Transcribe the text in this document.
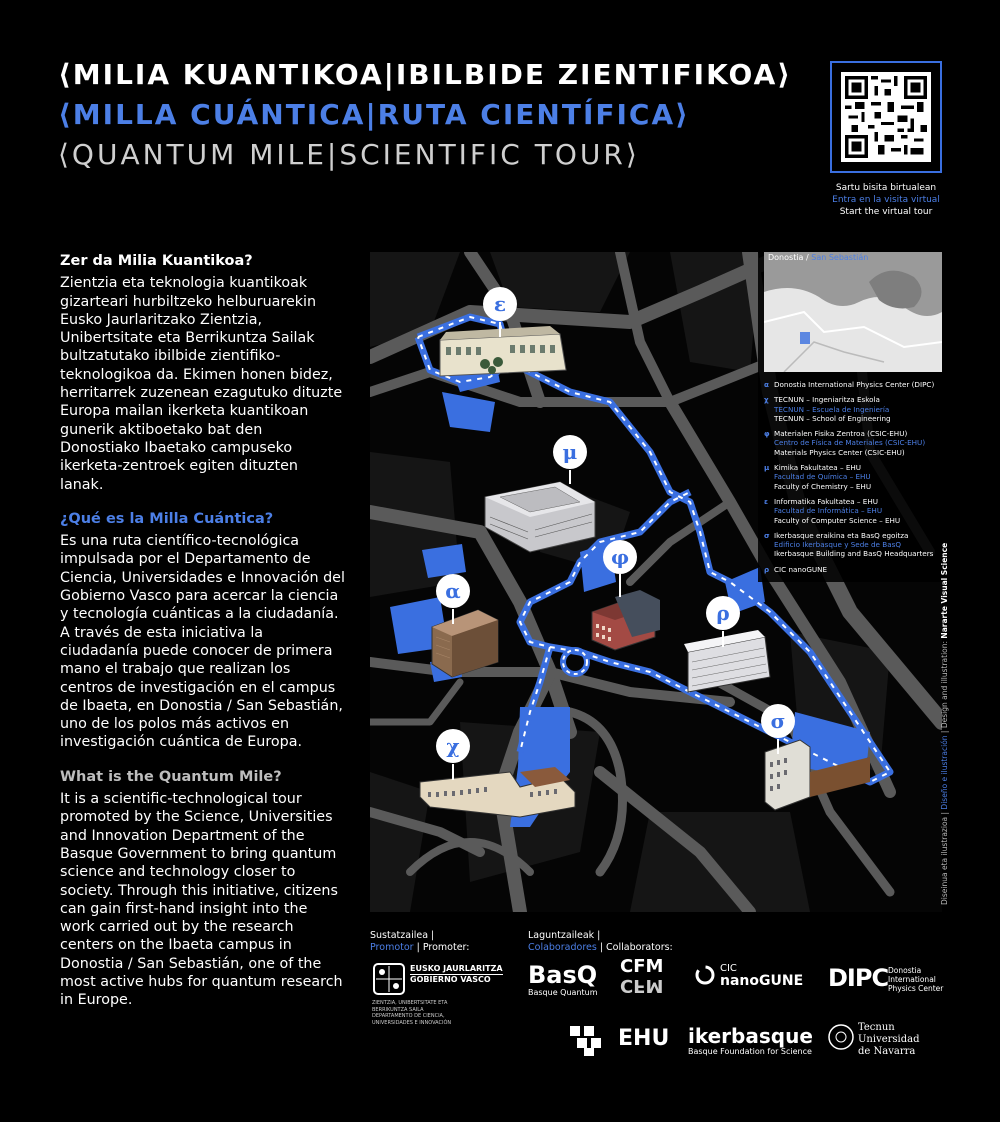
⟨MILIA KUANTIKOA|IBILBIDE ZIENTIFIKOA⟩
⟨MILLA CUÁNTICA|RUTA CIENTÍFICA⟩
⟨QUANTUM MILE|SCIENTIFIC TOUR⟩
Sartu bisita birtualean
Entra en la visita virtual
Start the virtual tour
Zer da Milia Kuantikoa?

Zientzia eta teknologia kuantikoak gizarteari hurbiltzeko helburuarekin Eusko Jaurlaritzako Zientzia, Unibertsitate eta Berrikuntza Sailak bultzatutako ibilbide zientifiko-teknologikoa da. Ekimen honen bidez, herritarrek zuzenean ezagutuko dituzte Europa mailan ikerketa kuantikoan gunerik aktiboetako bat den Donostiako Ibaetako campuseko ikerketa-zentroek egiten dituzten lanak.

¿Qué es la Milla Cuántica?

Es una ruta científico-tecnológica impulsada por el Departamento de Ciencia, Universidades e Innovación del Gobierno Vasco para acercar la ciencia y tecnología cuánticas a la ciudadanía. A través de esta iniciativa la ciudadanía puede conocer de primera mano el trabajo que realizan los centros de investigación en el campus de Ibaeta, en Donostia / San Sebastián, uno de los polos más activos en investigación cuántica de Europa.

What is the Quantum Mile?

It is a scientific-technological tour promoted by the Science, Universities and Innovation Department of the Basque Government to bring quantum science and technology closer to society. Through this initiative, citizens can gain first-hand insight into the work carried out by the research centers on the Ibaeta campus in Donostia / San Sebastián, one of the most active hubs for quantum research in Europe.

ε
μ
φ
α
ρ
σ
χ
Donostia / San Sebastián
α Donostia International Physics Center (DIPC)
χ TECNUN – Ingeniaritza Eskola
TECNUN – Escuela de Ingeniería
TECNUN – School of Engineering
φ Materialen Fisika Zentroa (CSIC-EHU)
Centro de Física de Materiales (CSIC-EHU)
Materials Physics Center (CSIC-EHU)
μ Kimika Fakultatea – EHU
Facultad de Química – EHU
Faculty of Chemistry – EHU
ε Informatika Fakultatea – EHU
Facultad de Informática – EHU
Faculty of Computer Science – EHU
σ Ikerbasque eraikina eta BasQ egoitza
Edificio Ikerbasque y Sede de BasQ
Ikerbasque Building and BasQ Headquarters
ρ CIC nanoGUNE
Diseinua eta ilustrazioa | Diseño e ilustración | Design and illustration: Nararte Visual Science
Sustatzailea |
Promotor | Promoter:
Laguntzaileak |
Colaboradores | Collaborators:
EUSKO JAURLARITZA
GOBIERNO VASCO
ZIENTZIA, UNIBERTSITATE ETA BERRIKUNTZA SAILA
DEPARTAMENTO DE CIENCIA, UNIVERSIDADES E INNOVACIÓN
BasQ
Basque Quantum
CFM
CFM
CIC
nanoGUNE DIPC Donostia
International
Physics Center
EHU ikerbasque
Basque Foundation for Science
Tecnun
Universidad
de Navarra
